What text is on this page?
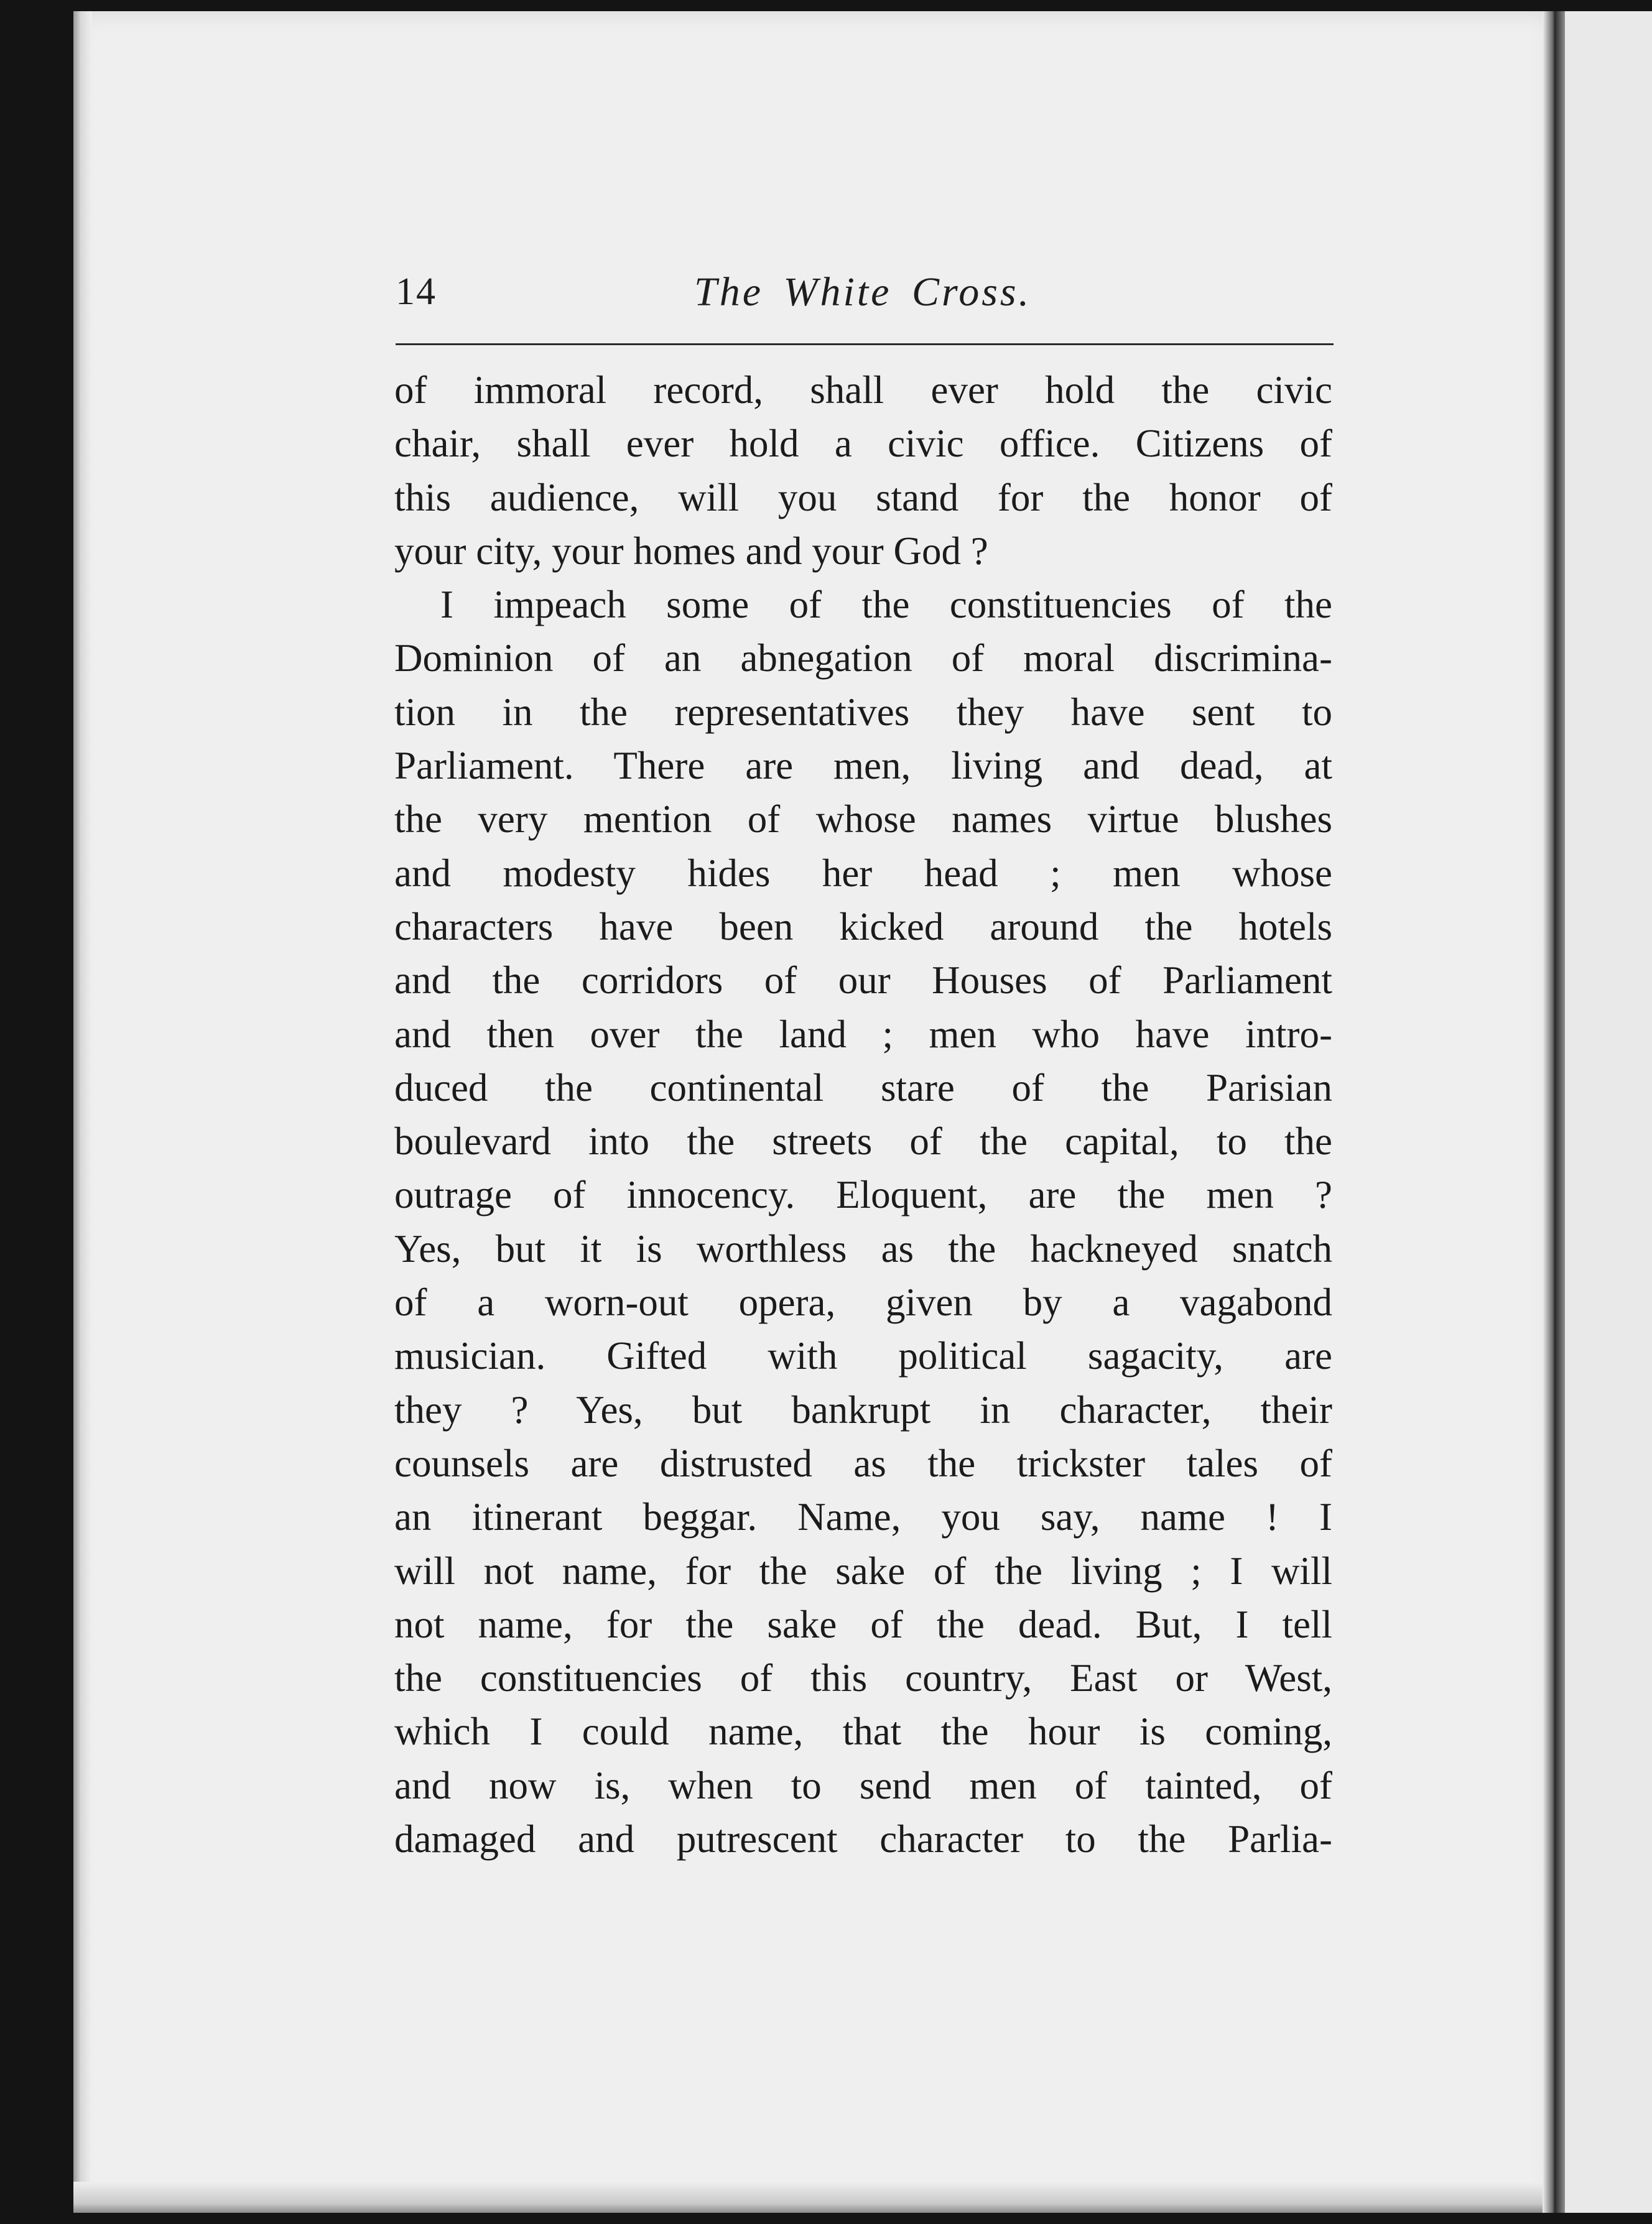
14	The White Cross.
of immoral record, shall ever hold the civic
chair, shall ever hold a civic office. Citizens of
this audience, will you stand for the honor of
your city, your homes and your God ?
I impeach some of the constituencies of the
Dominion of an abnegation of moral discrimina-
tion in the representatives they have sent to
Parliament. There are men, living and dead, at
the very mention of whose names virtue blushes
and modesty hides her head ; men whose
characters have been kicked around the hotels
and the corridors of our Houses of Parliament
and then over the land ; men who have intro-
duced the continental stare of the Parisian
boulevard into the streets of the capital, to the
outrage of innocency. Eloquent, are the men ?
Yes, but it is worthless as the hackneyed snatch
of a worn-out opera, given by a vagabond
musician. Gifted with political sagacity, are
they ? Yes, but bankrupt in character, their
counsels are distrusted as the trickster tales of
an itinerant beggar. Name, you say, name ! I
will not name, for the sake of the living ; I will
not name, for the sake of the dead. But, I tell
the constituencies of this country, East or West,
which I could name, that the hour is coming,
and now is, when to send men of tainted, of
damaged and putrescent character to the Parlia-
